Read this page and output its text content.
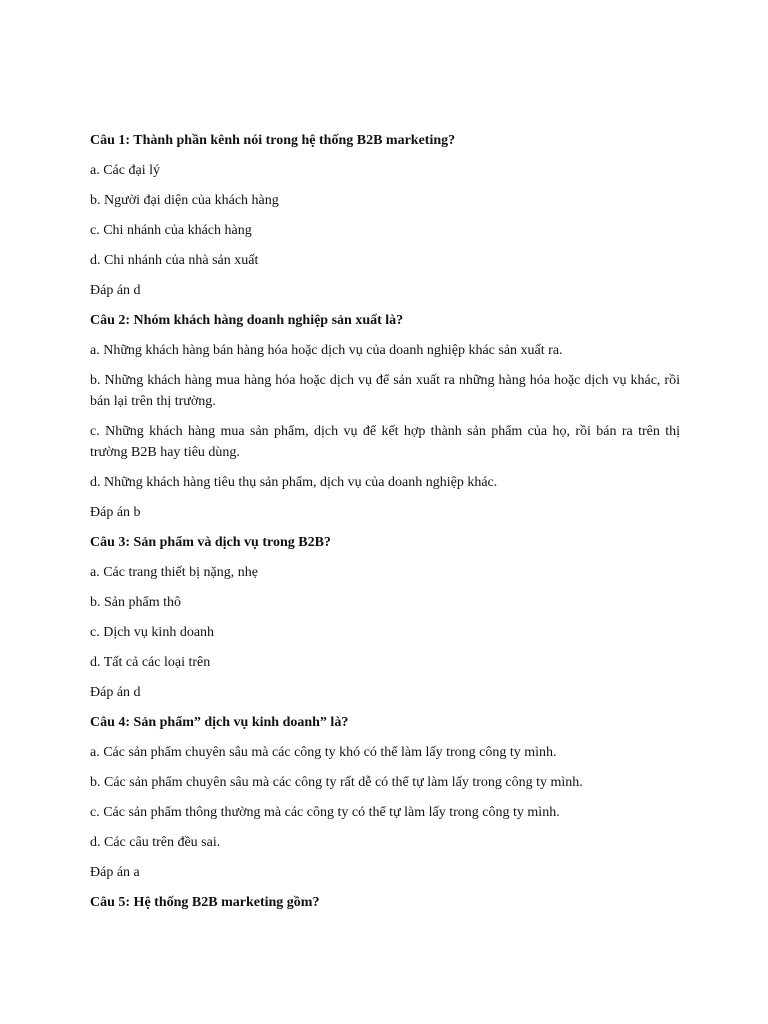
Câu 1: Thành phần kênh nói trong hệ thống B2B marketing?

a. Các đại lý

b. Người đại diện của khách hàng

c. Chi nhánh của khách hàng

d. Chi nhánh của nhà sản xuất

Đáp án d

Câu 2: Nhóm khách hàng doanh nghiệp sản xuất là?

a. Những khách hàng bán hàng hóa hoặc dịch vụ của doanh nghiệp khác sản xuất ra.

b. Những khách hàng mua hàng hóa hoặc dịch vụ để sản xuất ra những hàng hóa hoặc dịch vụ khác, rồi bán lại trên thị trường.

c. Những khách hàng mua sản phẩm, dịch vụ để kết hợp thành sản phẩm của họ, rồi bán ra trên thị trường B2B hay tiêu dùng.

d. Những khách hàng tiêu thụ sản phẩm, dịch vụ của doanh nghiệp khác.

Đáp án b

Câu 3: Sản phẩm và dịch vụ trong B2B?

a. Các trang thiết bị nặng, nhẹ

b. Sản phẩm thô

c. Dịch vụ kinh doanh

d. Tất cả các loại trên

Đáp án d

Câu 4: Sản phẩm” dịch vụ kinh doanh” là?

a. Các sản phẩm chuyên sâu mà các công ty khó có thể làm lấy trong công ty mình.

b. Các sản phẩm chuyên sâu mà các công ty rất dễ có thể tự làm lấy trong công ty mình.

c. Các sản phẩm thông thường mà các công ty có thể tự làm lấy trong công ty mình.

d. Các câu trên đều sai.

Đáp án a

Câu 5: Hệ thống B2B marketing gồm?
